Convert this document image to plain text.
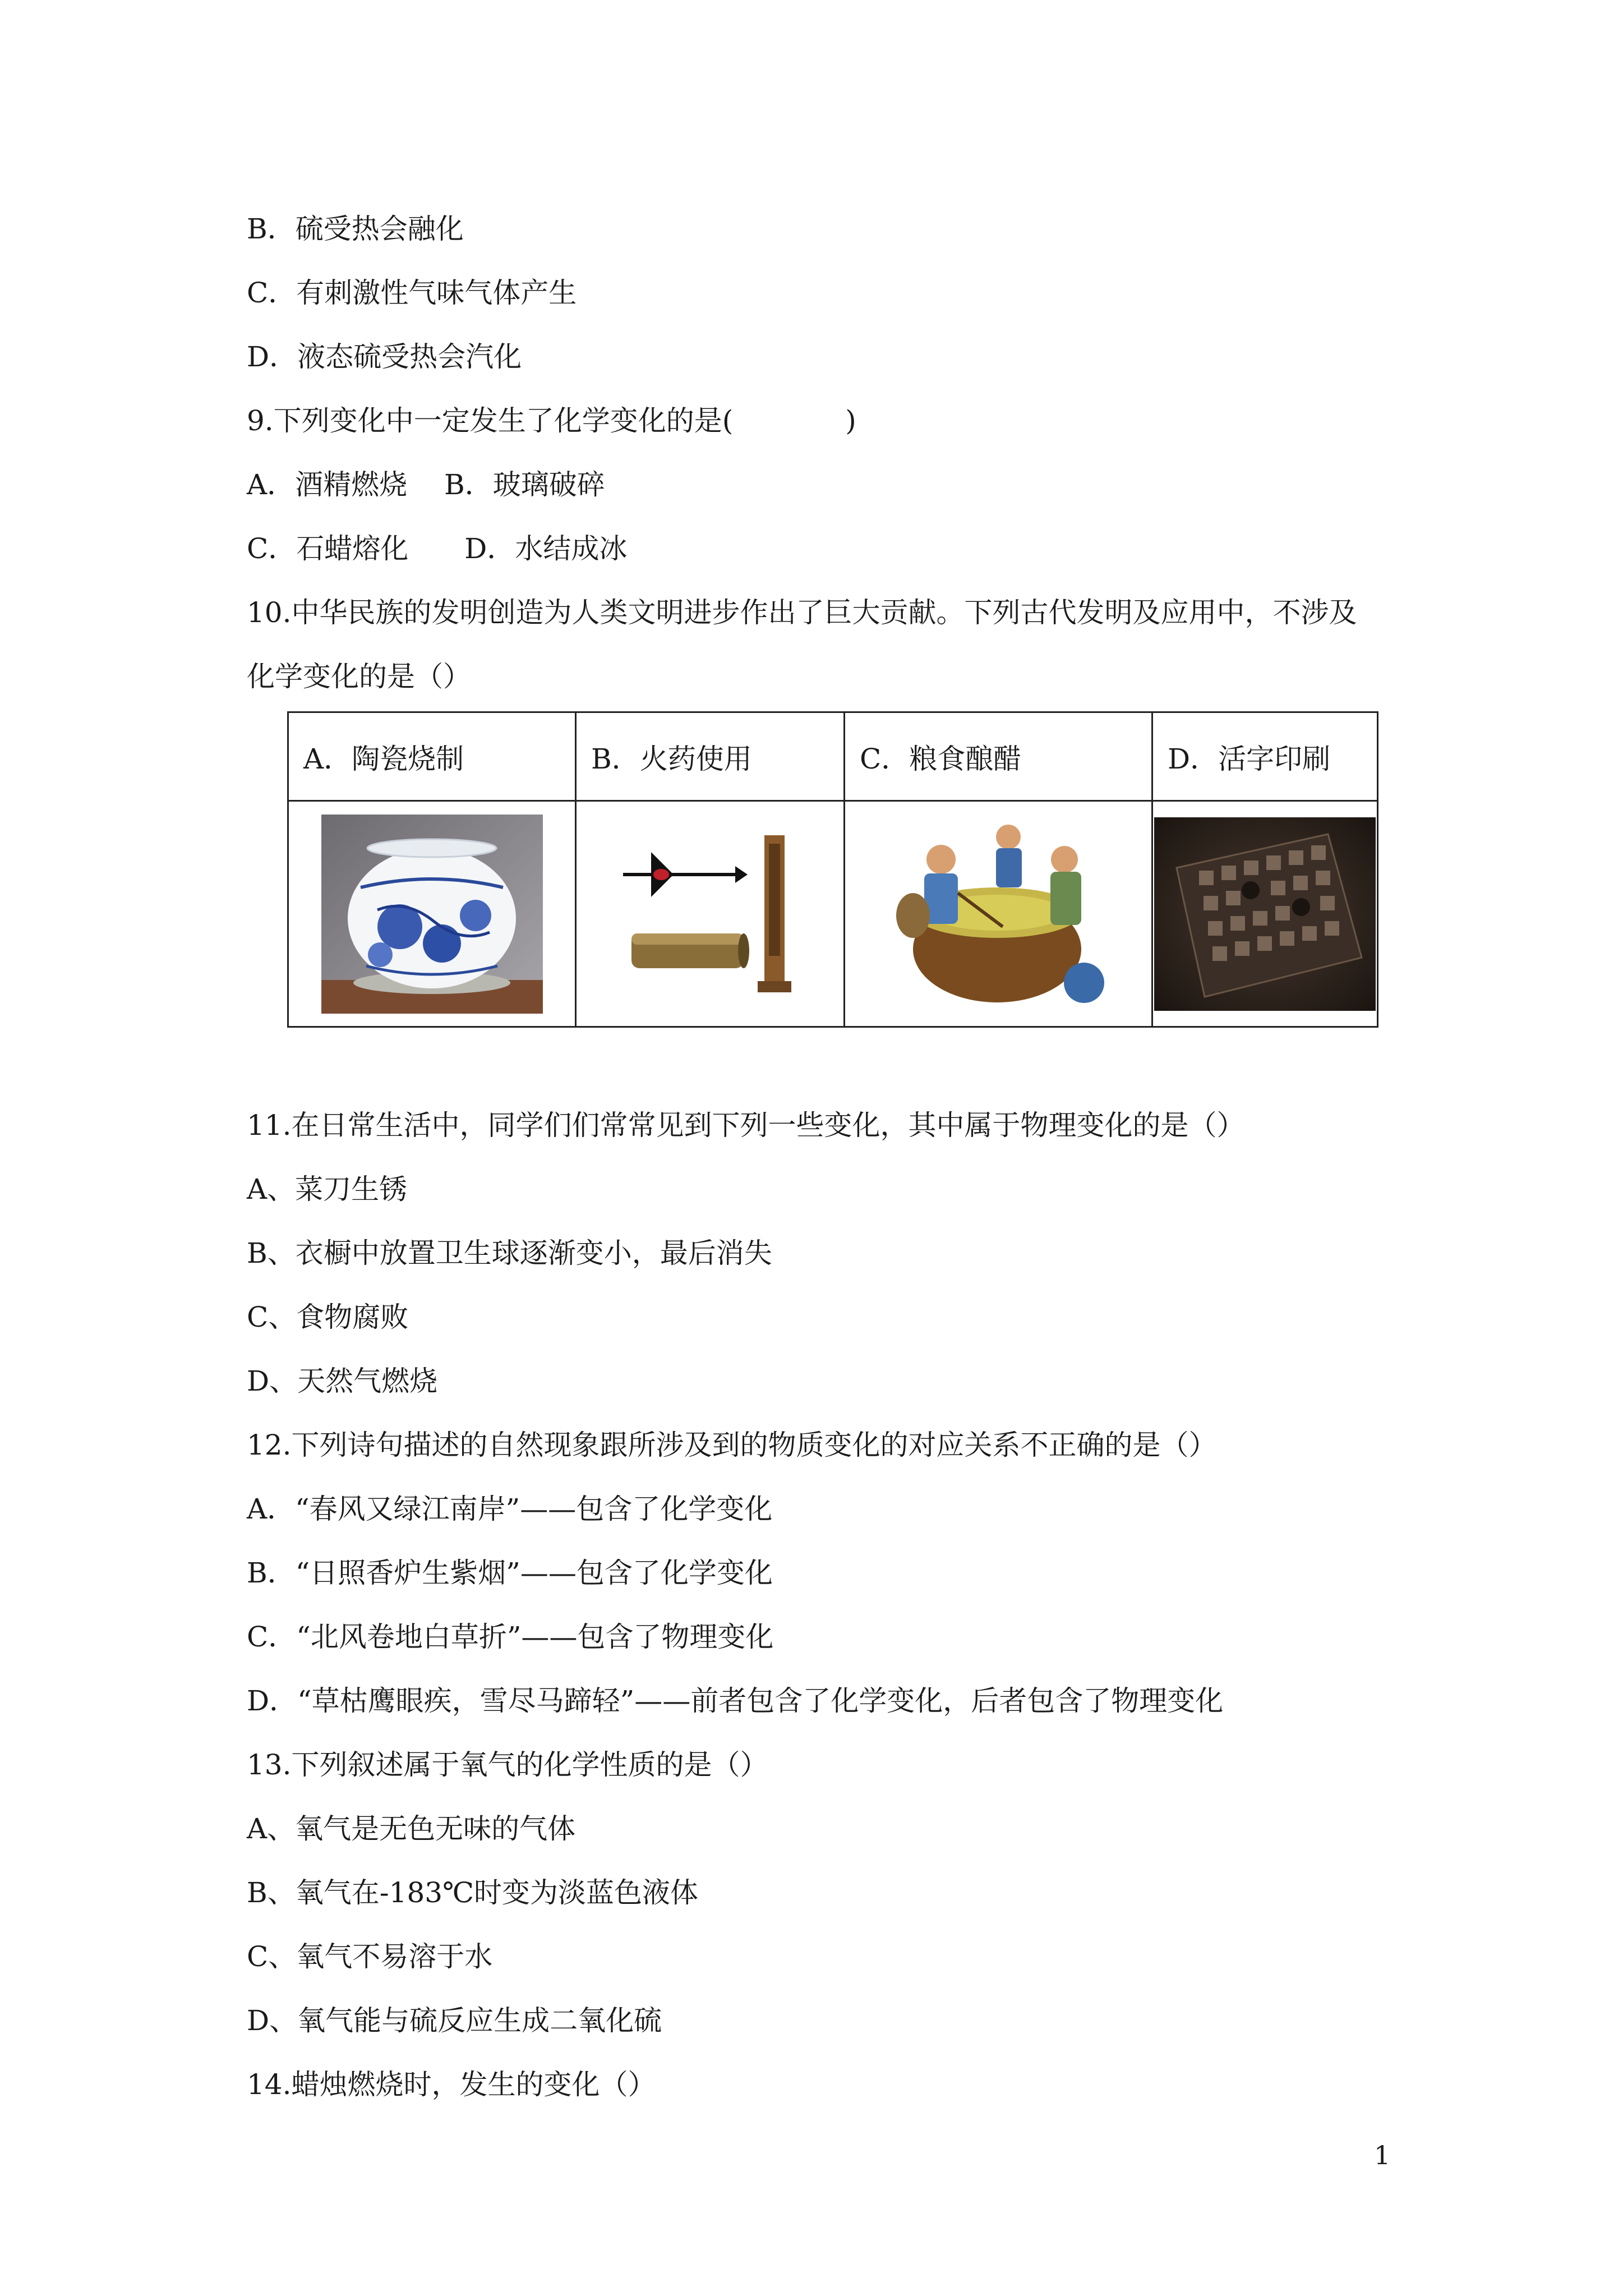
B．硫受热会融化
C．有刺激性气味气体产生
D．液态硫受热会汽化
9.下列变化中一定发生了化学变化的是(　　　　)
A．酒精燃烧　 B．玻璃破碎
C．石蜡熔化　　D．水结成冰
10.中华民族的发明创造为人类文明进步作出了巨大贡献。下列古代发明及应用中，不涉及
化学变化的是（）
A．陶瓷烧制	B．火药使用	C．粮食酿醋	D．活字印刷

11.在日常生活中，同学们们常常见到下列一些变化，其中属于物理变化的是（）
A、菜刀生锈
B、衣橱中放置卫生球逐渐变小，最后消失
C、食物腐败
D、天然气燃烧
12.下列诗句描述的自然现象跟所涉及到的物质变化的对应关系不正确的是（）
A．“春风又绿江南岸”——包含了化学变化
B．“日照香炉生紫烟”——包含了化学变化
C．“北风卷地白草折”——包含了物理变化
D．“草枯鹰眼疾，雪尽马蹄轻”——前者包含了化学变化，后者包含了物理变化
13.下列叙述属于氧气的化学性质的是（）
A、氧气是无色无味的气体
B、氧气在-183℃时变为淡蓝色液体
C、氧气不易溶于水
D、氧气能与硫反应生成二氧化硫
14.蜡烛燃烧时，发生的变化（）
1
